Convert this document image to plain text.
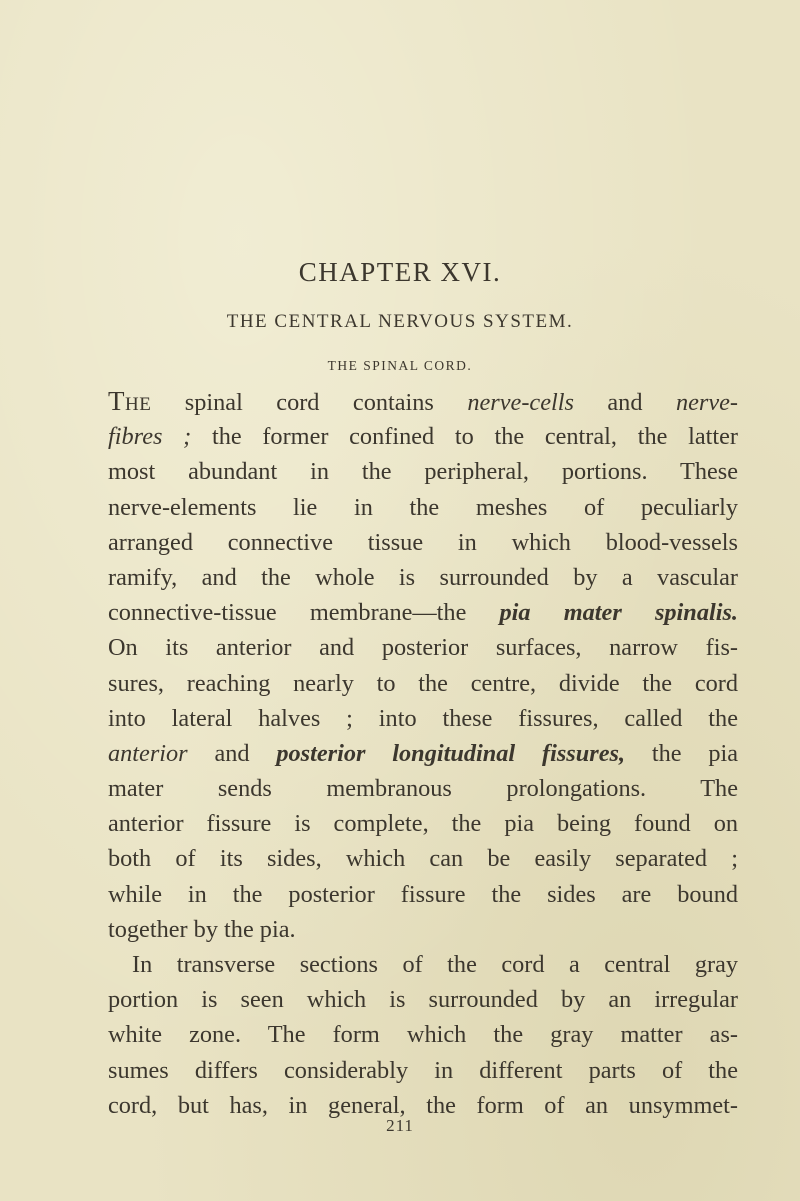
CHAPTER XVI.
THE CENTRAL NERVOUS SYSTEM.
THE SPINAL CORD.
The spinal cord contains nerve-cells and nerve-
fibres ; the former confined to the central, the latter
most abundant in the peripheral, portions. These
nerve-elements lie in the meshes of peculiarly
arranged connective tissue in which blood-vessels
ramify, and the whole is surrounded by a vascular
connective-tissue membrane—the pia mater spinalis.
On its anterior and posterior surfaces, narrow fis-
sures, reaching nearly to the centre, divide the cord
into lateral halves ; into these fissures, called the
anterior and posterior longitudinal fissures, the pia
mater sends membranous prolongations. The
anterior fissure is complete, the pia being found on
both of its sides, which can be easily separated ;
while in the posterior fissure the sides are bound
together by the pia.
In transverse sections of the cord a central gray
portion is seen which is surrounded by an irregular
white zone. The form which the gray matter as-
sumes differs considerably in different parts of the
cord, but has, in general, the form of an unsymmet-
211
